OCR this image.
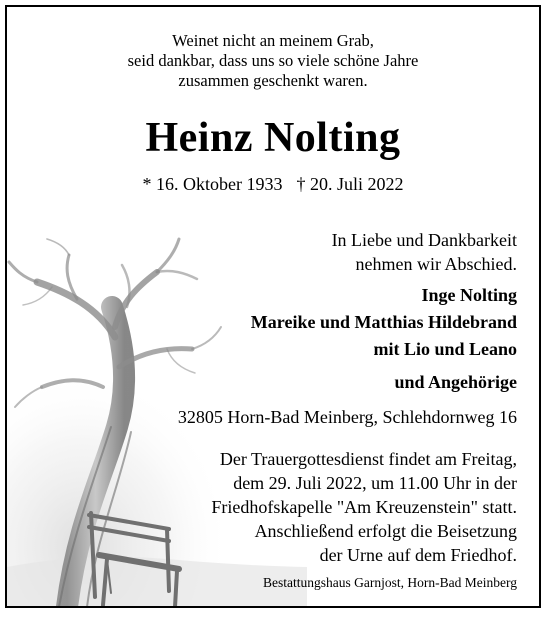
Weinet nicht an meinem Grab,
seid dankbar, dass uns so viele schöne Jahre
zusammen geschenkt waren.
Heinz Nolting
* 16. Oktober 1933 † 20. Juli 2022
In Liebe und Dankbarkeit
nehmen wir Abschied.
Inge Nolting
Mareike und Matthias Hildebrand
mit Lio und Leano
und Angehörige
32805 Horn-Bad Meinberg, Schlehdornweg 16
Der Trauergottesdienst findet am Freitag,
dem 29. Juli 2022, um 11.00 Uhr in der
Friedhofskapelle "Am Kreuzenstein" statt.
Anschließend erfolgt die Beisetzung
der Urne auf dem Friedhof.
Bestattungshaus Garnjost, Horn-Bad Meinberg
